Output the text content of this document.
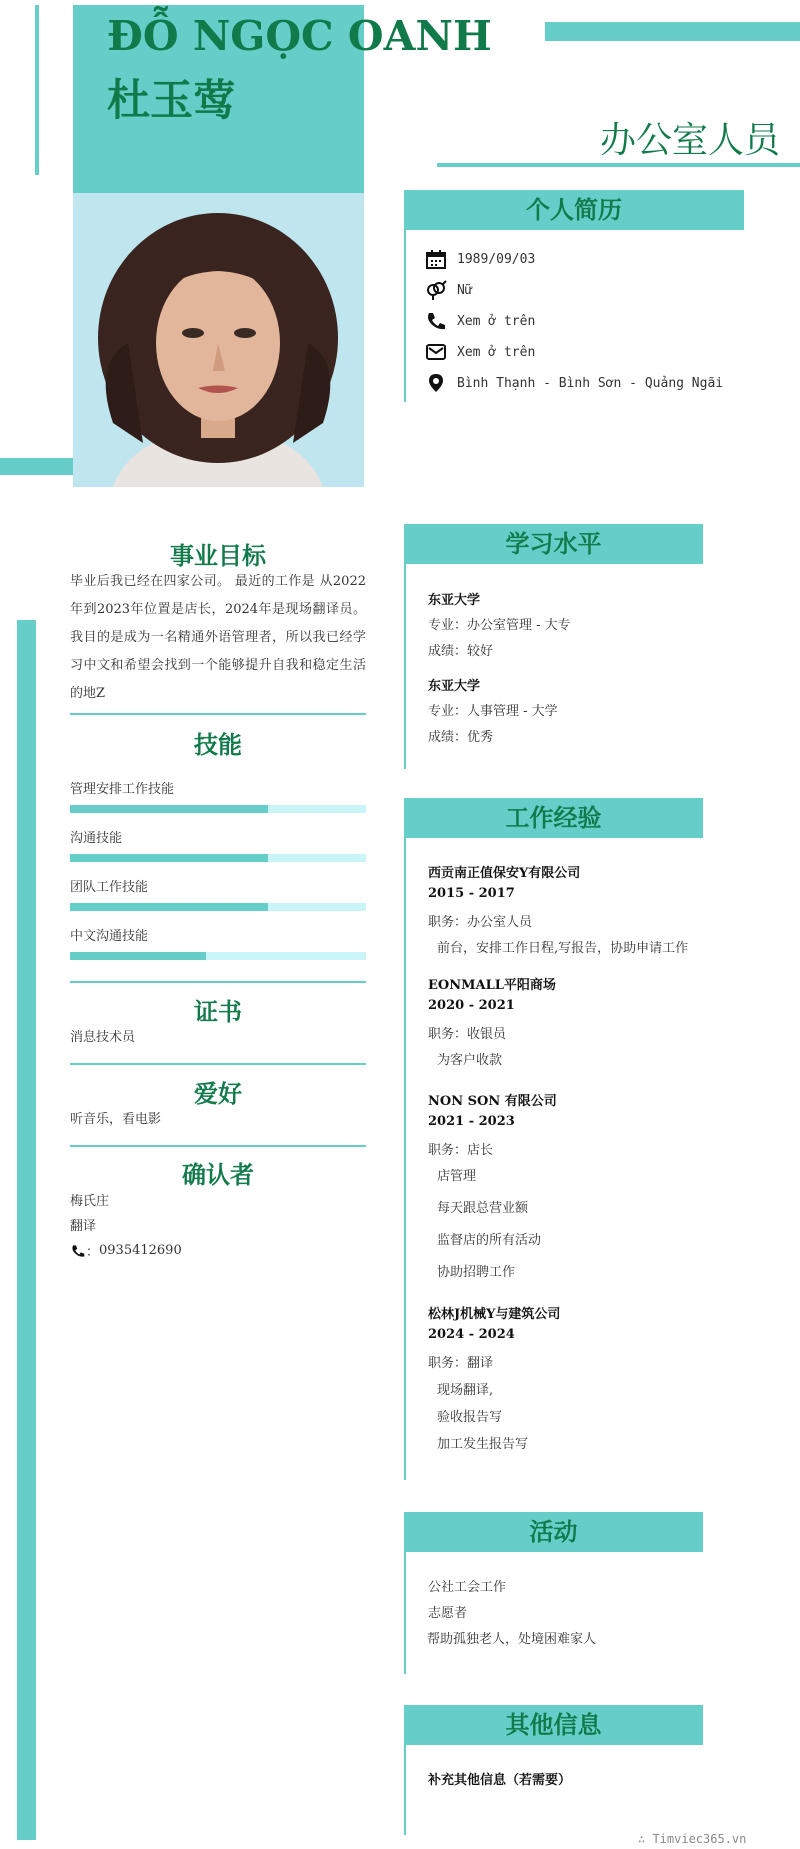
ĐỖ NGỌC OANH
杜玉莺
办公室人员
个人简历
1989/09/03
Nữ
Xem ở trên
Xem ở trên
Bình Thạnh - Bình Sơn - Quảng Ngãi
事业目标
毕业后我已经在四家公司。 最近的工作是 从2022年到2023年位置是店长，2024年是现场翻译员。我目的是成为一名精通外语管理者，所以我已经学习中文和希望会找到一个能够提升自我和稳定生活的地Z
技能
管理安排工作技能
沟通技能
团队工作技能
中文沟通技能
证书
消息技术员
爱好
听音乐，看电影
确认者
梅氏庄
翻译
： 0935412690
学习水平
东亚大学
专业：办公室管理 - 大专
成绩：较好
东亚大学
专业：人事管理 - 大学
成绩：优秀
工作经验
西贡南正值保安Y有限公司
2015 - 2017
职务：办公室人员
前台，安排工作日程,写报告，协助申请工作
EONMALL平阳商场
2020 - 2021
职务：收银员
为客户收款
NON SON 有限公司
2021 - 2023
职务：店长
店管理
每天跟总营业额
监督店的所有活动
协助招聘工作
松林J机械Y与建筑公司
2024 - 2024
职务：翻译
现场翻译,
验收报告写
加工发生报告写
活动
公社工会工作
志愿者
帮助孤独老人，处境困难家人
其他信息
补充其他信息（若需要）
∴ Timviec365.vn
